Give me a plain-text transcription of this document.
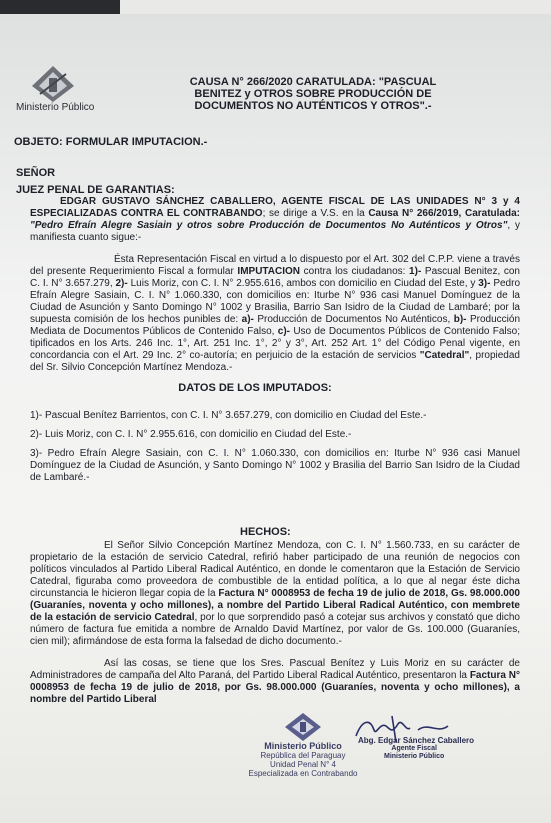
Ministerio Público
CAUSA N° 266/2020 CARATULADA: "PASCUAL BENITEZ y OTROS SOBRE PRODUCCIÓN DE DOCUMENTOS NO AUTÉNTICOS Y OTROS".-
OBJETO: FORMULAR IMPUTACION.-
SEÑOR
JUEZ PENAL DE GARANTIAS:
EDGAR GUSTAVO SÁNCHEZ CABALLERO, AGENTE FISCAL DE LAS UNIDADES N° 3 y 4 ESPECIALIZADAS CONTRA EL CONTRABANDO; se dirige a V.S. en la Causa N° 266/2019, Caratulada: "Pedro Efraín Alegre Sasiain y otros sobre Producción de Documentos No Auténticos y Otros", y manifiesta cuanto sigue:-
Ésta Representación Fiscal en virtud a lo dispuesto por el Art. 302 del C.P.P. viene a través del presente Requerimiento Fiscal a formular IMPUTACION contra los ciudadanos: 1)- Pascual Benitez, con C. I. N° 3.657.279, 2)- Luis Moriz, con C. I. N° 2.955.616, ambos con domicilio en Ciudad del Este, y 3)- Pedro Efraín Alegre Sasiain, C. I. N° 1.060.330, con domicilios en: Iturbe N° 936 casi Manuel Domínguez de la Ciudad de Asunción y Santo Domingo N° 1002 y Brasilia, Barrio San Isidro de la Ciudad de Lambaré; por la supuesta comisión de los hechos punibles de: a)- Producción de Documentos No Auténticos, b)- Producción Mediata de Documentos Públicos de Contenido Falso, c)- Uso de Documentos Públicos de Contenido Falso; tipificados en los Arts. 246 Inc. 1°, Art. 251 Inc. 1°, 2° y 3°, Art. 252 Art. 1° del Código Penal vigente, en concordancia con el Art. 29 Inc. 2° co-autoría; en perjuicio de la estación de servicios "Catedral", propiedad del Sr. Silvio Concepción Martínez Mendoza.-
DATOS DE LOS IMPUTADOS:
1)- Pascual Benítez Barrientos, con C. I. N° 3.657.279, con domicilio en Ciudad del Este.-
2)- Luis Moriz, con C. I. N° 2.955.616, con domicilio en Ciudad del Este.-
3)- Pedro Efraín Alegre Sasiain, con C. I. N° 1.060.330, con domicilios en: Iturbe N° 936 casi Manuel Domínguez de la Ciudad de Asunción, y Santo Domingo N° 1002 y Brasilia del Barrio San Isidro de la Ciudad de Lambaré.-
HECHOS:
El Señor Silvio Concepción Martínez Mendoza, con C. I. N° 1.560.733, en su carácter de propietario de la estación de servicio Catedral, refirió haber participado de una reunión de negocios con políticos vinculados al Partido Liberal Radical Auténtico, en donde le comentaron que la Estación de Servicio Catedral, figuraba como proveedora de combustible de la entidad política, a lo que al negar éste dicha circunstancia le hicieron llegar copia de la Factura N° 0008953 de fecha 19 de julio de 2018, Gs. 98.000.000 (Guaraníes, noventa y ocho millones), a nombre del Partido Liberal Radical Auténtico, con membrete de la estación de servicio Catedral, por lo que sorprendido pasó a cotejar sus archivos y constató que dicho número de factura fue emitida a nombre de Arnaldo David Martínez, por valor de Gs. 100.000 (Guaraníes, cien mil); afirmándose de esta forma la falsedad de dicho documento.-
Así las cosas, se tiene que los Sres. Pascual Benítez y Luis Moriz en su carácter de Administradores de campaña del Alto Paraná, del Partido Liberal Radical Auténtico, presentaron la Factura N° 0008953 de fecha 19 de julio de 2018, por Gs. 98.000.000 (Guaraníes, noventa y ocho millones), a nombre del Partido Liberal
Ministerio Público
República del Paraguay
Unidad Penal N° 4
Especializada en Contrabando
Abg. Edgar Sánchez Caballero
Agente Fiscal
Ministerio Público
